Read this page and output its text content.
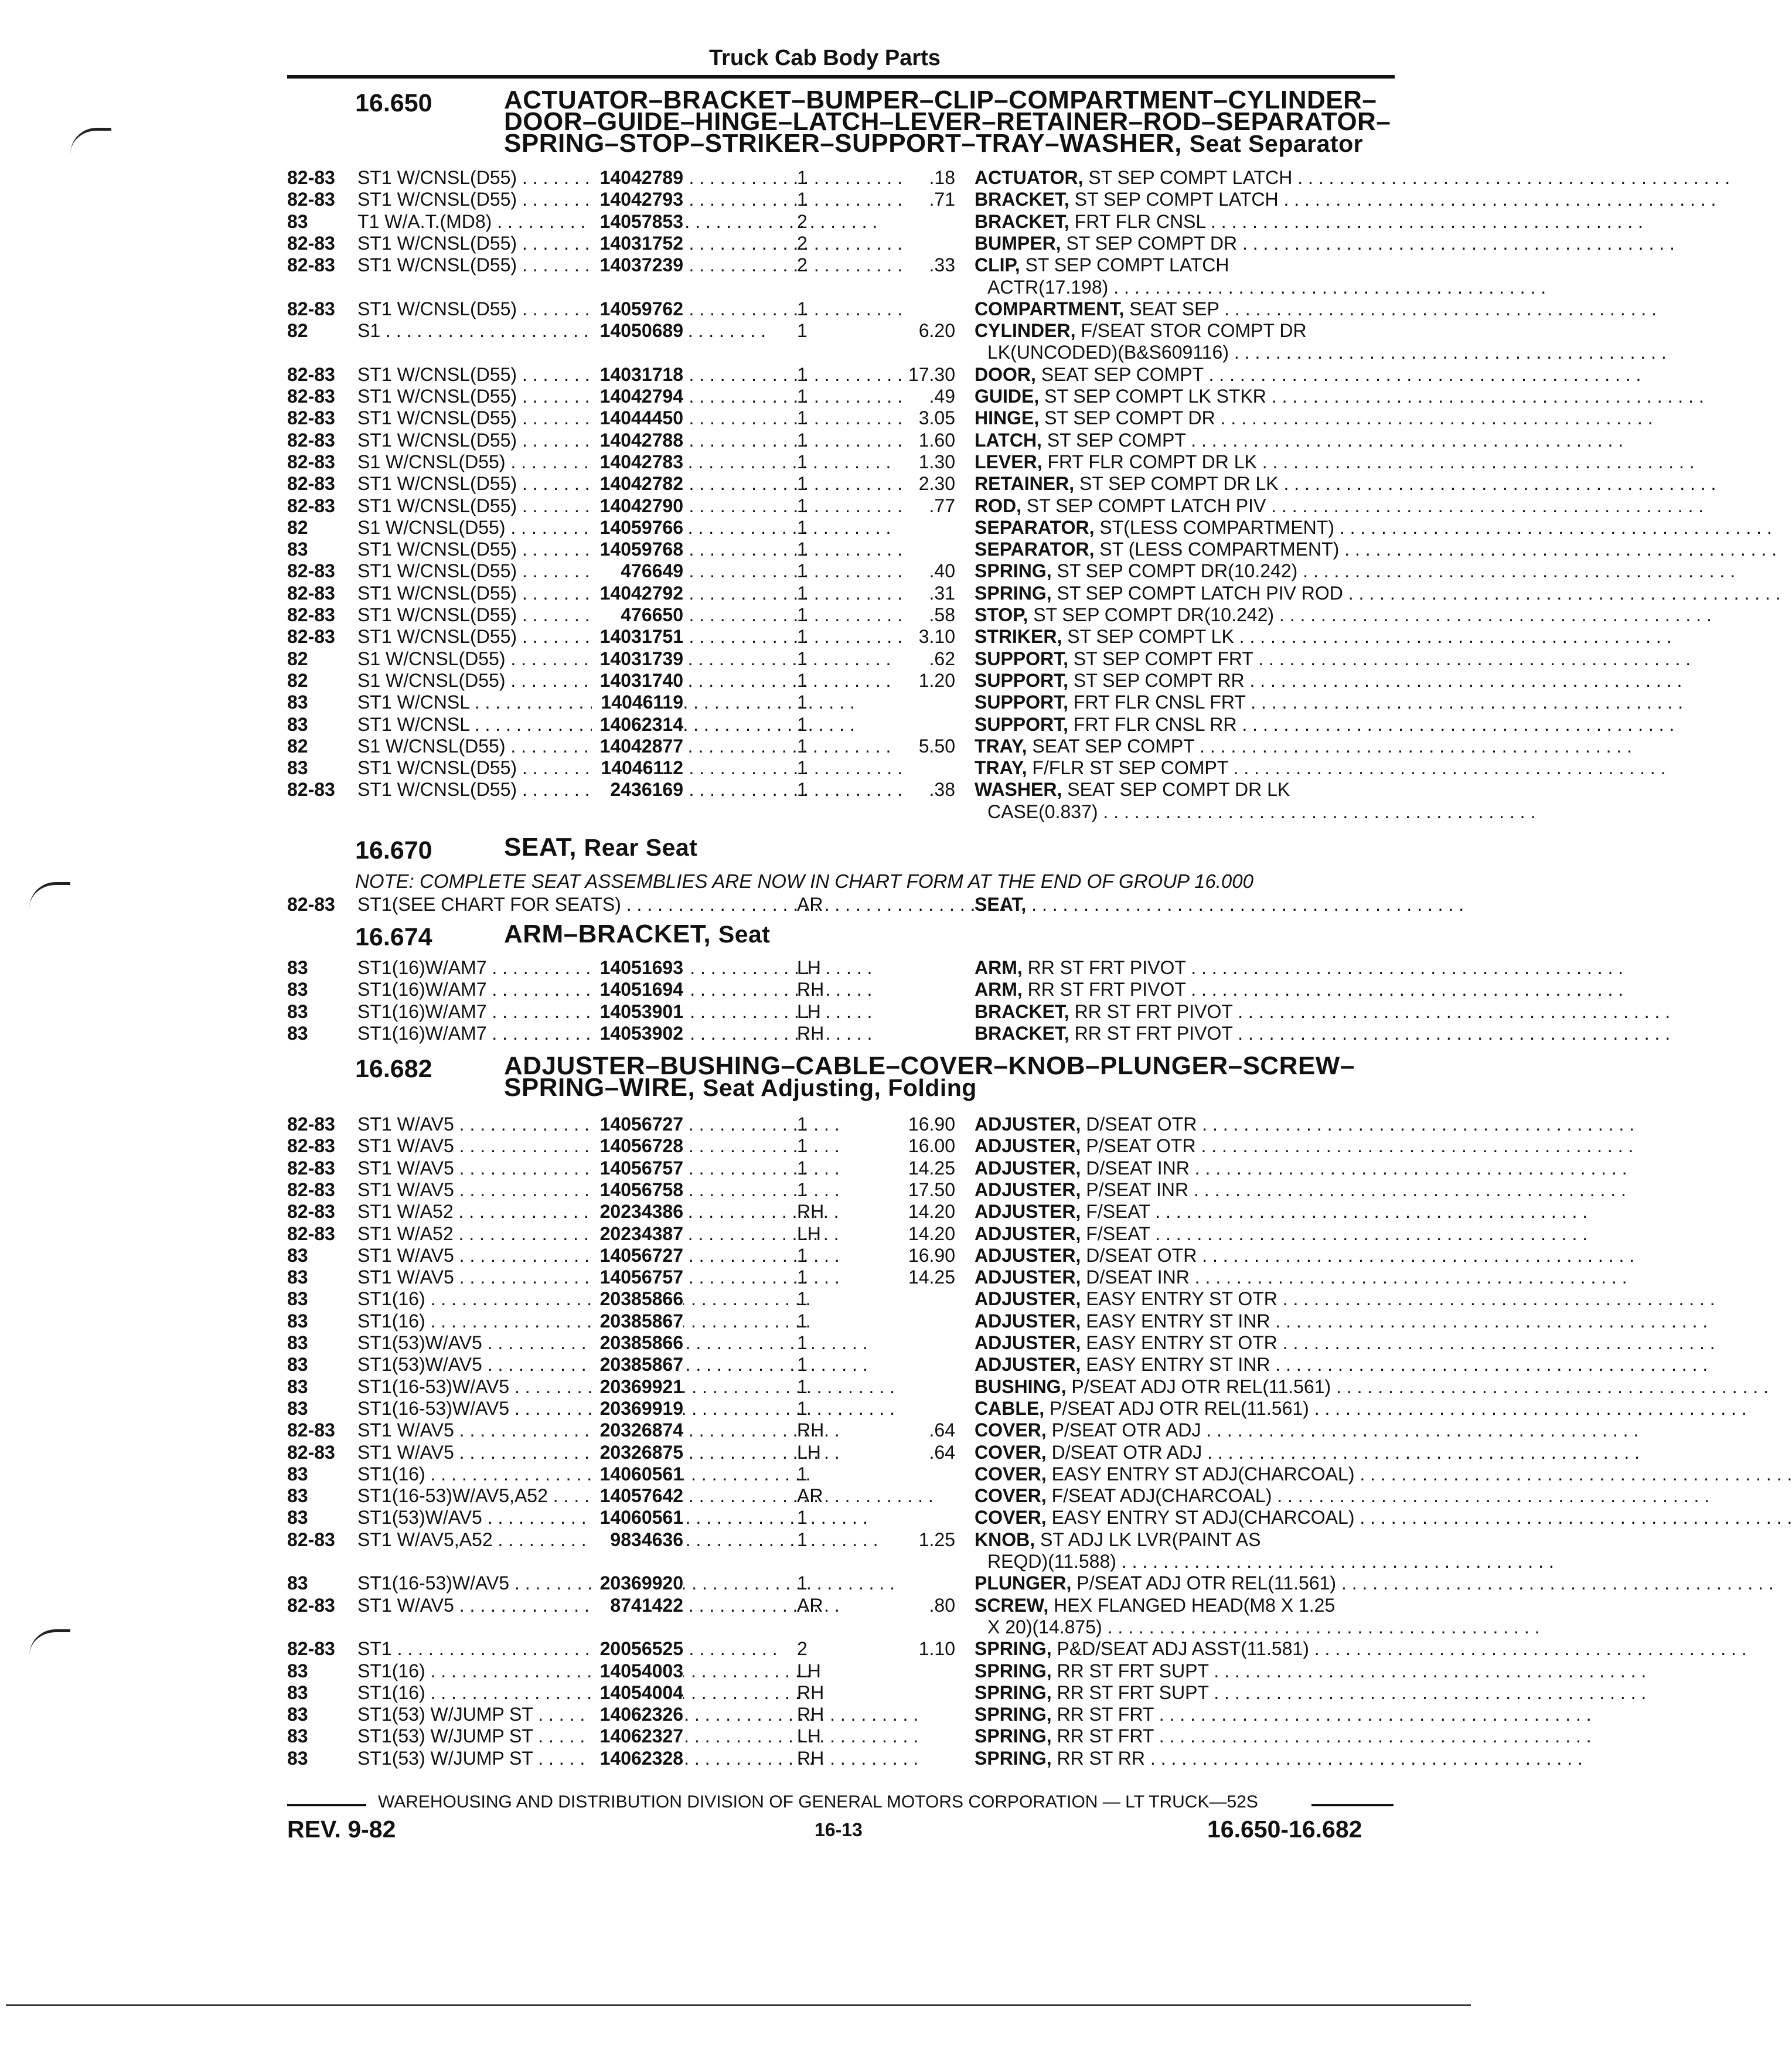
Truck Cab Body Parts
16.650	ACTUATOR–BRACKET–BUMPER–CLIP–COMPARTMENT–CYLINDER–DOOR–GUIDE–HINGE–LATCH–LEVER–RETAINER–ROD–SEPARATOR–SPRING–STOP–STRIKER–SUPPORT–TRAY–WASHER, Seat Separator
82-83 ST1 W/CNSL(D55) . . .	14042789	1	.18 ACTUATOR, ST SEP COMPT LATCH . . .
82-83 ST1 W/CNSL(D55) . . .	14042793	1	.71 BRACKET, ST SEP COMPT LATCH . . .
83	T1 W/A.T.(MD8) . . .	14057853	2	BRACKET, FRT FLR CNSL . . .
82-83 ST1 W/CNSL(D55) . . .	14031752	2	BUMPER, ST SEP COMPT DR . . .
82-83 ST1 W/CNSL(D55) . . .	14037239	2	.33 CLIP, ST SEP COMPT LATCH
ACTR(17.198) . . .
82-83 ST1 W/CNSL(D55) . . .	14059762	1	COMPARTMENT, SEAT SEP . . .
82	S1 . . .	14050689	1	6.20 CYLINDER, F/SEAT STOR COMPT DR
LK(UNCODED)(B&S609116) . . .
82-83 ST1 W/CNSL(D55) . . .	14031718	1	17.30 DOOR, SEAT SEP COMPT . . .
82-83 ST1 W/CNSL(D55) . . .	14042794	1	.49 GUIDE, ST SEP COMPT LK STKR . . .
82-83 ST1 W/CNSL(D55) . . .	14044450	1	3.05 HINGE, ST SEP COMPT DR . . .
82-83 ST1 W/CNSL(D55) . . .	14042788	1	1.60 LATCH, ST SEP COMPT . . .
82-83 S1 W/CNSL(D55) . . .	14042783	1	1.30 LEVER, FRT FLR COMPT DR LK . . .
82-83 ST1 W/CNSL(D55) . . .	14042782	1	2.30 RETAINER, ST SEP COMPT DR LK . . .
82-83 ST1 W/CNSL(D55) . . .	14042790	1	.77 ROD, ST SEP COMPT LATCH PIV . . .
82	S1 W/CNSL(D55) . . .	14059766	1	SEPARATOR, ST(LESS COMPARTMENT) . . .
83	ST1 W/CNSL(D55) . . .	14059768	1	SEPARATOR, ST (LESS COMPARTMENT) . . .
82-83 ST1 W/CNSL(D55) . . .	476649	1	.40 SPRING, ST SEP COMPT DR(10.242) . . .
82-83 ST1 W/CNSL(D55) . . .	14042792	1	.31 SPRING, ST SEP COMPT LATCH PIV ROD . . .
82-83 ST1 W/CNSL(D55) . . .	476650	1	.58 STOP, ST SEP COMPT DR(10.242) . . .
82-83 ST1 W/CNSL(D55) . . .	14031751	1	3.10 STRIKER, ST SEP COMPT LK . . .
82	S1 W/CNSL(D55) . . .	14031739	1	.62 SUPPORT, ST SEP COMPT FRT . . .
82	S1 W/CNSL(D55) . . .	14031740	1	1.20 SUPPORT, ST SEP COMPT RR . . .
83	ST1 W/CNSL . . .	14046119	1	SUPPORT, FRT FLR CNSL FRT . . .
83	ST1 W/CNSL . . .	14062314	1	SUPPORT, FRT FLR CNSL RR . . .
82	S1 W/CNSL(D55) . . .	14042877	1	5.50 TRAY, SEAT SEP COMPT . . .
83	ST1 W/CNSL(D55) . . .	14046112	1	TRAY, F/FLR ST SEP COMPT . . .
82-83 ST1 W/CNSL(D55) . . .	2436169	1	.38 WASHER, SEAT SEP COMPT DR LK
CASE(0.837) . . .
16.670	SEAT, Rear Seat
NOTE: COMPLETE SEAT ASSEMBLIES ARE NOW IN CHART FORM AT THE END OF GROUP 16.000
82-83 ST1(SEE CHART FOR SEATS) . . .	AR	SEAT, . . .
16.674	ARM–BRACKET, Seat
83	ST1(16)W/AM7 . . .	14051693	LH	ARM, RR ST FRT PIVOT . . .
83	ST1(16)W/AM7 . . .	14051694	RH	ARM, RR ST FRT PIVOT . . .
83	ST1(16)W/AM7 . . .	14053901	LH	BRACKET, RR ST FRT PIVOT . . .
83	ST1(16)W/AM7 . . .	14053902	RH	BRACKET, RR ST FRT PIVOT . . .
16.682	ADJUSTER–BUSHING–CABLE–COVER–KNOB–PLUNGER–SCREW–SPRING–WIRE, Seat Adjusting, Folding
82-83 ST1 W/AV5 . . .	14056727	1	16.90 ADJUSTER, D/SEAT OTR . . .
82-83 ST1 W/AV5 . . .	14056728	1	16.00 ADJUSTER, P/SEAT OTR . . .
82-83 ST1 W/AV5 . . .	14056757	1	14.25 ADJUSTER, D/SEAT INR . . .
82-83 ST1 W/AV5 . . .	14056758	1	17.50 ADJUSTER, P/SEAT INR . . .
82-83 ST1 W/A52 . . .	20234386	RH	14.20 ADJUSTER, F/SEAT . . .
82-83 ST1 W/A52 . . .	20234387	LH	14.20 ADJUSTER, F/SEAT . . .
83	ST1 W/AV5 . . .	14056727	1	16.90 ADJUSTER, D/SEAT OTR . . .
83	ST1 W/AV5 . . .	14056757	1	14.25 ADJUSTER, D/SEAT INR . . .
83	ST1(16) . . .	20385866	1	ADJUSTER, EASY ENTRY ST OTR . . .
83	ST1(16) . . .	20385867	1	ADJUSTER, EASY ENTRY ST INR . . .
83	ST1(53)W/AV5 . . .	20385866	1	ADJUSTER, EASY ENTRY ST OTR . . .
83	ST1(53)W/AV5 . . .	20385867	1	ADJUSTER, EASY ENTRY ST INR . . .
83	ST1(16-53)W/AV5 . . .	20369921	1	BUSHING, P/SEAT ADJ OTR REL(11.561) . . .
83	ST1(16-53)W/AV5 . . .	20369919	1	CABLE, P/SEAT ADJ OTR REL(11.561) . . .
82-83 ST1 W/AV5 . . .	20326874	RH	.64 COVER, P/SEAT OTR ADJ . . .
82-83 ST1 W/AV5 . . .	20326875	LH	.64 COVER, D/SEAT OTR ADJ . . .
83	ST1(16) . . .	14060561	1	COVER, EASY ENTRY ST ADJ(CHARCOAL) . . .
83	ST1(16-53)W/AV5,A52 . . .	14057642	AR	COVER, F/SEAT ADJ(CHARCOAL) . . .
83	ST1(53)W/AV5 . . .	14060561	1	COVER, EASY ENTRY ST ADJ(CHARCOAL) . . .
82-83 ST1 W/AV5,A52 . . .	9834636	1	1.25 KNOB, ST ADJ LK LVR(PAINT AS
REQD)(11.588) . . .
83	ST1(16-53)W/AV5 . . .	20369920	1	PLUNGER, P/SEAT ADJ OTR REL(11.561) . . .
82-83 ST1 W/AV5 . . .	8741422	AR	.80 SCREW, HEX FLANGED HEAD(M8 X 1.25
X 20)(14.875) . . .
82-83 ST1 . . .	20056525	2	1.10 SPRING, P&D/SEAT ADJ ASST(11.581) . . .
83	ST1(16) . . .	14054003	LH	SPRING, RR ST FRT SUPT . . .
83	ST1(16) . . .	14054004	RH	SPRING, RR ST FRT SUPT . . .
83	ST1(53) W/JUMP ST . . .	14062326	RH	SPRING, RR ST FRT . . .
83	ST1(53) W/JUMP ST . . .	14062327	LH	SPRING, RR ST FRT . . .
83	ST1(53) W/JUMP ST . . .	14062328	RH	SPRING, RR ST RR . . .
WAREHOUSING AND DISTRIBUTION DIVISION OF GENERAL MOTORS CORPORATION — LT TRUCK—52S
REV. 9-82	16-13	16.650-16.682
